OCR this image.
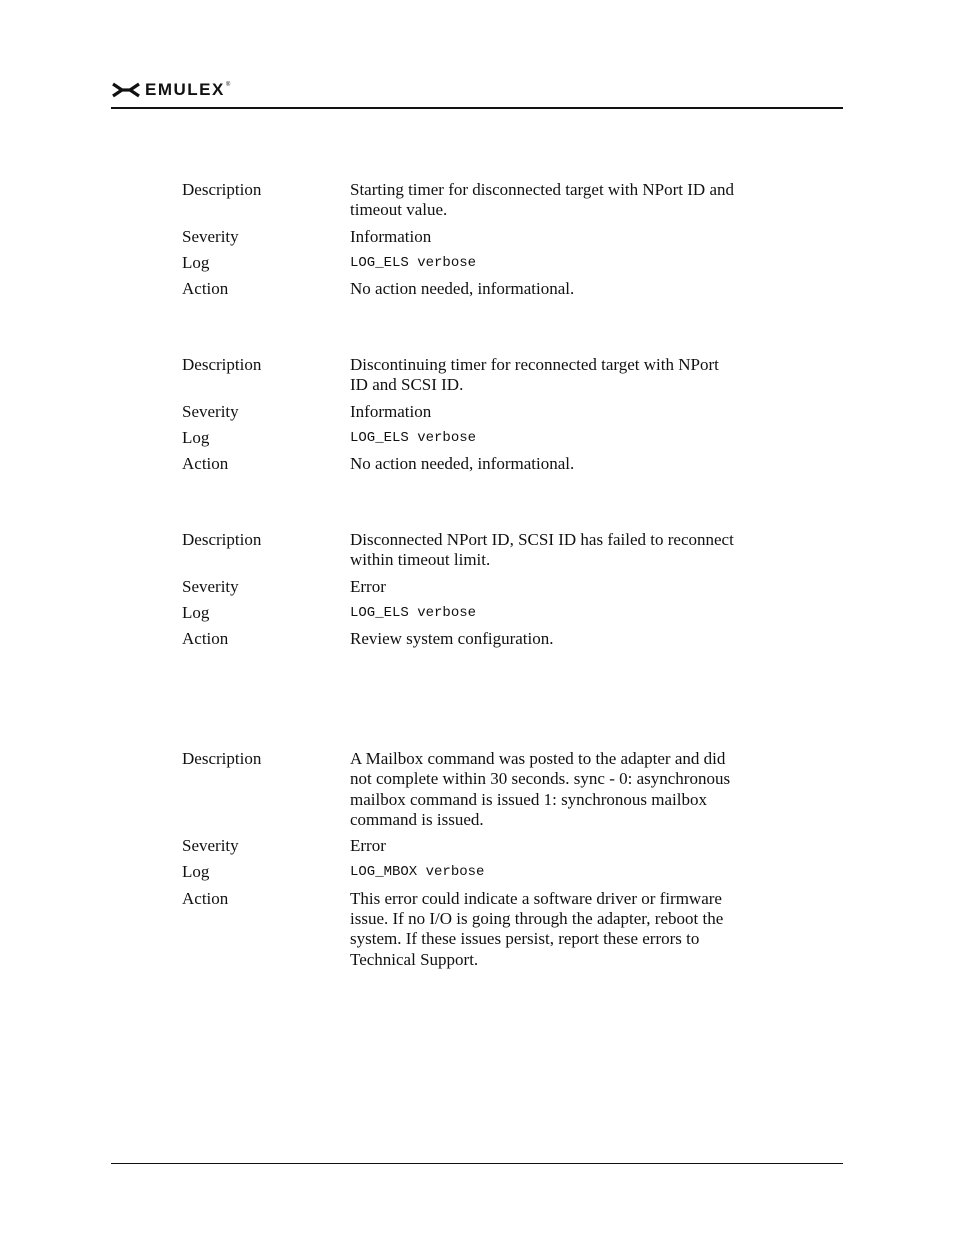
EMULEX ®
Description	Starting timer for disconnected target with NPort ID and timeout value.
Severity	Information
Log	LOG_ELS verbose
Action	No action needed, informational.
Description	Discontinuing timer for reconnected target with NPort ID and SCSI ID.
Severity	Information
Log	LOG_ELS verbose
Action	No action needed, informational.
Description	Disconnected NPort ID, SCSI ID has failed to reconnect within timeout limit.
Severity	Error
Log	LOG_ELS verbose
Action	Review system configuration.
Description	A Mailbox command was posted to the adapter and did not complete within 30 seconds. sync - 0: asynchronous mailbox command is issued 1: synchronous mailbox command is issued.
Severity	Error
Log	LOG_MBOX verbose
Action	This error could indicate a software driver or firmware issue. If no I/O is going through the adapter, reboot the system. If these issues persist, report these errors to Technical Support.
